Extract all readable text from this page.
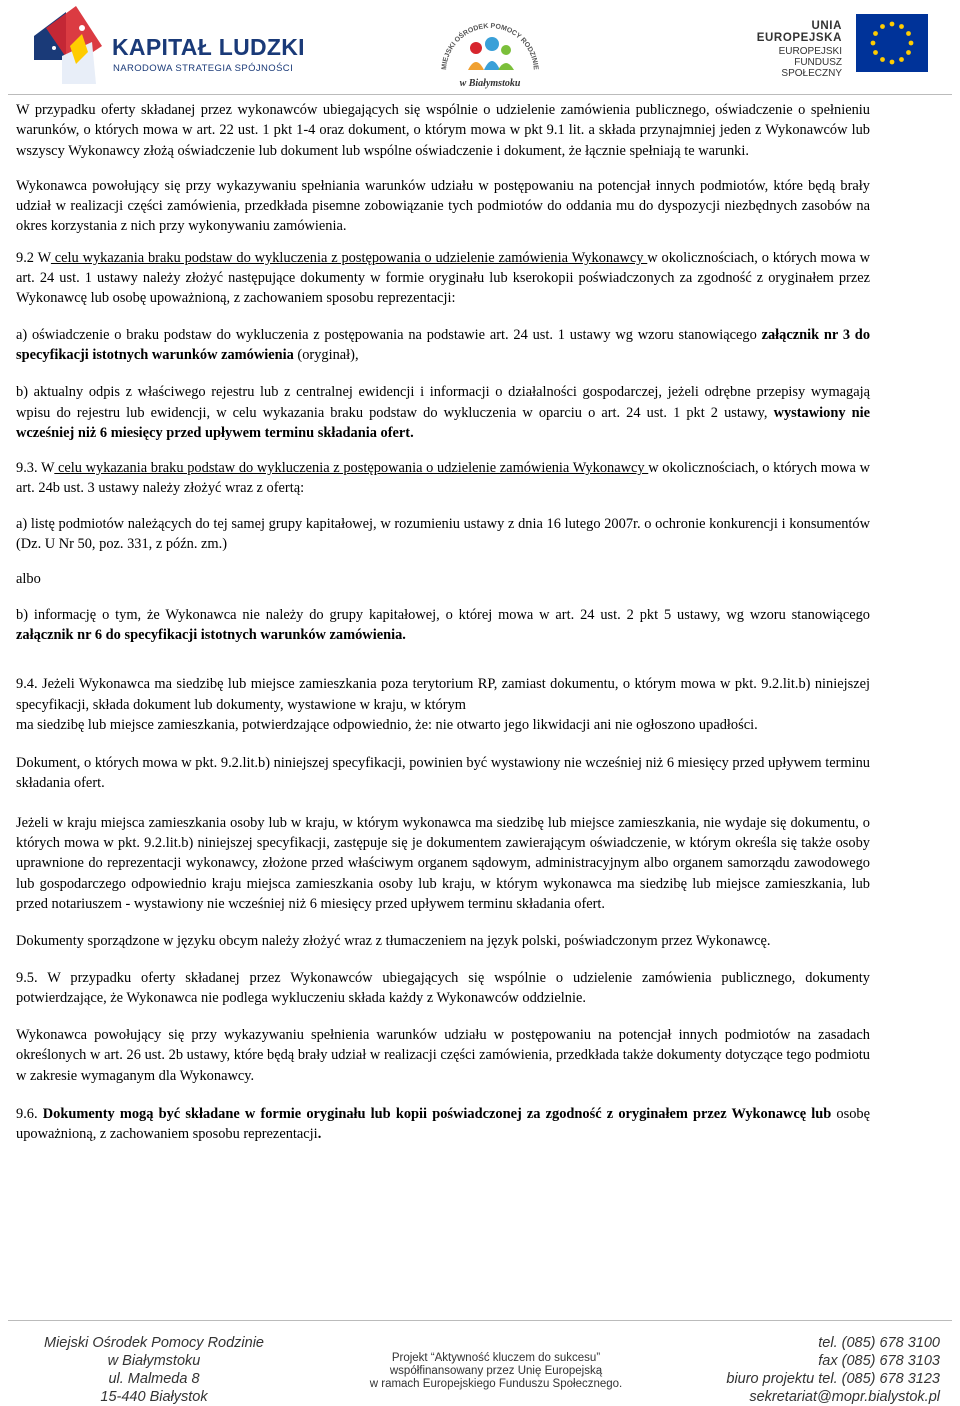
KAPITAŁ LUDZKI
NARODOWA STRATEGIA SPÓJNOŚCI	MIEJSKI OŚRODEK POMOCY RODZINIE
w Białymstoku
UNIA EUROPEJSKA
EUROPEJSKI
FUNDUSZ SPOŁECZNY

W przypadku oferty składanej przez wykonawców ubiegających się wspólnie o udzielenie zamówienia publicznego, oświadczenie o spełnieniu warunków, o których mowa w art. 22 ust. 1 pkt 1-4 oraz dokument, o którym mowa w pkt 9.1 lit. a składa przynajmniej jeden z Wykonawców lub wszyscy Wykonawcy złożą oświadczenie lub dokument lub wspólne oświadczenie i dokument, że łącznie spełniają te warunki.

Wykonawca powołujący się przy wykazywaniu spełniania warunków udziału w postępowaniu na potencjał innych podmiotów, które będą brały udział w realizacji części zamówienia, przedkłada pisemne zobowiązanie tych podmiotów do oddania mu do dyspozycji niezbędnych zasobów na okres korzystania z nich przy wykonywaniu zamówienia.

9.2 W celu wykazania braku podstaw do wykluczenia z postępowania o udzielenie zamówienia Wykonawcy w okolicznościach, o których mowa w art. 24 ust. 1 ustawy należy złożyć następujące dokumenty w formie oryginału lub kserokopii poświadczonych za zgodność z oryginałem przez Wykonawcę lub osobę upoważnioną, z zachowaniem sposobu reprezentacji:

a) oświadczenie o braku podstaw do wykluczenia z postępowania na podstawie art. 24 ust. 1 ustawy wg wzoru stanowiącego załącznik nr 3 do specyfikacji istotnych warunków zamówienia (oryginał),

b) aktualny odpis z właściwego rejestru lub z centralnej ewidencji i informacji o działalności gospodarczej, jeżeli odrębne przepisy wymagają wpisu do rejestru lub ewidencji, w celu wykazania braku podstaw do wykluczenia w oparciu o art. 24 ust. 1 pkt 2 ustawy, wystawiony nie wcześniej niż 6 miesięcy przed upływem terminu składania ofert.

9.3. W celu wykazania braku podstaw do wykluczenia z postępowania o udzielenie zamówienia Wykonawcy w okolicznościach, o których mowa w art. 24b ust. 3 ustawy należy złożyć wraz z ofertą:

a) listę podmiotów należących do tej samej grupy kapitałowej, w rozumieniu ustawy z dnia 16 lutego 2007r. o ochronie konkurencji i konsumentów (Dz. U Nr 50, poz. 331, z późn. zm.)

albo

b) informację o tym, że Wykonawca nie należy do grupy kapitałowej, o której mowa w art. 24 ust. 2 pkt 5 ustawy, wg wzoru stanowiącego załącznik nr 6 do specyfikacji istotnych warunków zamówienia.

9.4. Jeżeli Wykonawca ma siedzibę lub miejsce zamieszkania poza terytorium RP, zamiast dokumentu, o którym mowa w pkt. 9.2.lit.b) niniejszej specyfikacji, składa dokument lub dokumenty, wystawione w kraju, w którym
ma siedzibę lub miejsce zamieszkania, potwierdzające odpowiednio, że: nie otwarto jego likwidacji ani nie ogłoszono upadłości.

Dokument, o których mowa w pkt. 9.2.lit.b) niniejszej specyfikacji, powinien być wystawiony nie wcześniej niż 6 miesięcy przed upływem terminu składania ofert.

Jeżeli w kraju miejsca zamieszkania osoby lub w kraju, w którym wykonawca ma siedzibę lub miejsce zamieszkania, nie wydaje się dokumentu, o których mowa w pkt. 9.2.lit.b) niniejszej specyfikacji, zastępuje się je dokumentem zawierającym oświadczenie, w którym określa się także osoby uprawnione do reprezentacji wykonawcy, złożone przed właściwym organem sądowym, administracyjnym albo organem samorządu zawodowego lub gospodarczego odpowiednio kraju miejsca zamieszkania osoby lub kraju, w którym wykonawca ma siedzibę lub miejsce zamieszkania, lub przed notariuszem - wystawiony nie wcześniej niż 6 miesięcy przed upływem terminu składania ofert.

Dokumenty sporządzone w języku obcym należy złożyć wraz z tłumaczeniem na język polski, poświadczonym przez Wykonawcę.

9.5. W przypadku oferty składanej przez Wykonawców ubiegających się wspólnie o udzielenie zamówienia publicznego, dokumenty potwierdzające, że Wykonawca nie podlega wykluczeniu składa każdy z Wykonawców oddzielnie.

Wykonawca powołujący się przy wykazywaniu spełnienia warunków udziału w postępowaniu na potencjał innych podmiotów na zasadach określonych w art. 26 ust. 2b ustawy, które będą brały udział w realizacji części zamówienia, przedkłada także dokumenty dotyczące tego podmiotu w zakresie wymaganym dla Wykonawcy.

9.6. Dokumenty mogą być składane w formie oryginału lub kopii poświadczonej za zgodność z oryginałem przez Wykonawcę lub osobę upoważnioną, z zachowaniem sposobu reprezentacji.

Miejski Ośrodek Pomocy Rodzinie
w Białymstoku
ul. Malmeda 8
15-440 Białystok
Projekt “Aktywność kluczem do sukcesu”
współfinansowany przez Unię Europejską
w ramach Europejskiego Funduszu Społecznego.
tel. (085) 678 3100
fax (085) 678 3103
biuro projektu tel. (085) 678 3123
sekretariat@mopr.bialystok.pl
